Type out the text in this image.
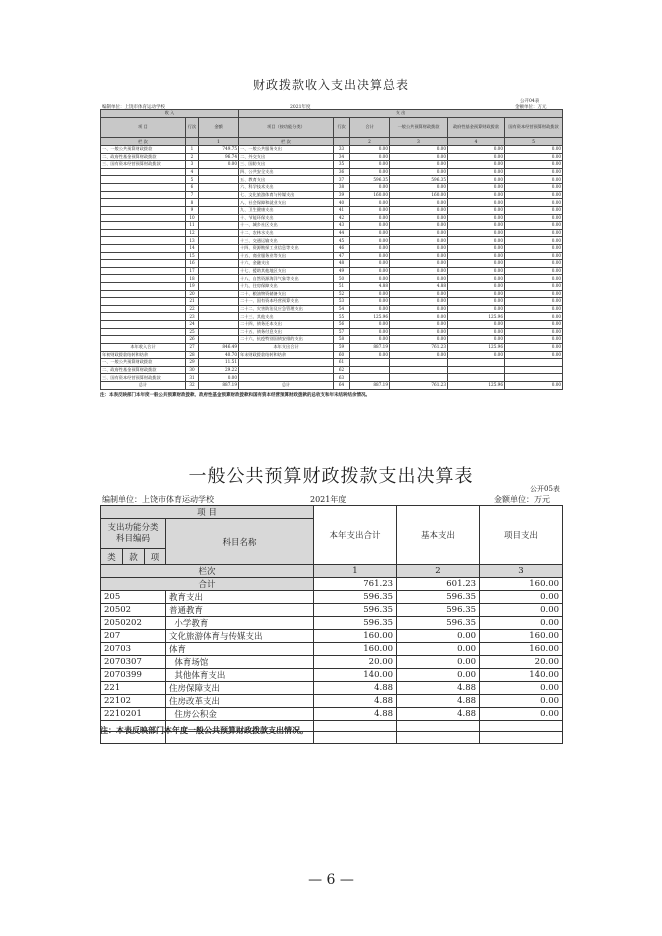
财政拨款收入支出决算总表
公开04表
编制单位：上饶市体育运动学校	2021年度	金额单位：万元
收 入			支 出					
项 目	行次	金额	项目（按功能分类）	行次	合计	一般公共预算财政拨款	政府性基金预算财政拨款	国有资本经营预算财政拨款
栏 次		1	栏 次		2	3	4	5
一、一般公共预算财政拨款	1	749.75	一、一般公共服务支出	33	0.00	0.00	0.00	0.00
二、政府性基金预算财政拨款	2	96.74	二、外交支出	34	0.00	0.00	0.00	0.00
三、国有资本经营预算财政拨款	3	0.00	三、国防支出	35	0.00	0.00	0.00	0.00
	4		四、公共安全支出	36	0.00	0.00	0.00	0.00
	5		五、教育支出	37	596.35	596.35	0.00	0.00
	6		六、科学技术支出	38	0.00	0.00	0.00	0.00
	7		七、文化旅游体育与传媒支出	39	160.00	160.00	0.00	0.00
	8		八、社会保障和就业支出	40	0.00	0.00	0.00	0.00
	9		九、卫生健康支出	41	0.00	0.00	0.00	0.00
	10		十、节能环保支出	42	0.00	0.00	0.00	0.00
	11		十一、城乡社区支出	43	0.00	0.00	0.00	0.00
	12		十二、农林水支出	44	0.00	0.00	0.00	0.00
	13		十三、交通运输支出	45	0.00	0.00	0.00	0.00
	14		十四、资源勘探工业信息等支出	46	0.00	0.00	0.00	0.00
	15		十五、商业服务业等支出	47	0.00	0.00	0.00	0.00
	16		十六、金融支出	48	0.00	0.00	0.00	0.00
	17		十七、援助其他地区支出	49	0.00	0.00	0.00	0.00
	18		十八、自然资源海洋气象等支出	50	0.00	0.00	0.00	0.00
	19		十九、住房保障支出	51	4.88	4.88	0.00	0.00
	20		二十、粮油物资储备支出	52	0.00	0.00	0.00	0.00
	21		二十一、国有资本经营预算支出	53	0.00	0.00	0.00	0.00
	22		二十二、灾害防治及应急管理支出	54	0.00	0.00	0.00	0.00
	23		二十三、其他支出	55	125.96	0.00	125.96	0.00
	24		二十四、债务还本支出	56	0.00	0.00	0.00	0.00
	25		二十五、债务付息支出	57	0.00	0.00	0.00	0.00
	26		二十六、抗疫特别国债安排的支出	58	0.00	0.00	0.00	0.00
本年收入合计	27	846.49	本年支出合计	59	887.19	761.23	125.96	0.00
年初财政拨款结转和结余	28	40.70	年末财政拨款结转和结余	60	0.00	0.00	0.00	0.00
一、一般公共预算财政拨款	29	11.51		61				
二、政府性基金预算财政拨款	30	29.22		62				
三、国有资本经营预算财政拨款	31	0.00		63				
总计	32	887.19	总计	64	887.19	761.23	125.96	0.00
注：本表反映部门本年度一般公共预算财政拨款、政府性基金预算财政拨款和国有资本经营预算财政拨款的总收支和年末结转结余情况。
一般公共预算财政拨款支出决算表
公开05表
编制单位：上饶市体育运动学校	2021年度	金额单位：万元
项 目				本年支出合计	基本支出	项目支出
支出功能分类
科目编码			科目名称			
类	款	项				
栏次				1	2	3
合计				761.23	601.23	160.00
205			教育支出	596.35	596.35	0.00
20502			普通教育	596.35	596.35	0.00
2050202			小学教育	596.35	596.35	0.00
207			文化旅游体育与传媒支出	160.00	0.00	160.00
20703			体育	160.00	0.00	160.00
2070307			体育场馆	20.00	0.00	20.00
2070399			其他体育支出	140.00	0.00	140.00
221			住房保障支出	4.88	4.88	0.00
22102			住房改革支出	4.88	4.88	0.00
2210201			住房公积金	4.88	4.88	0.00

注：本表反映部门本年度一般公共预算财政拨款支出情况。
— 6 —
